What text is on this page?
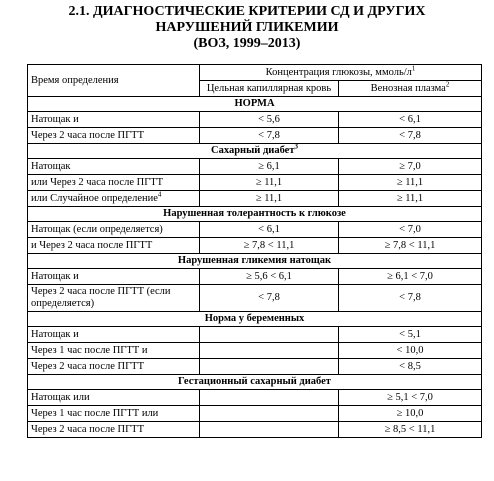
2.1. ДИАГНОСТИЧЕСКИЕ КРИТЕРИИ СД И ДРУГИХ
НАРУШЕНИЙ ГЛИКЕМИИ
(ВОЗ, 1999–2013)
Время определения	Концентрация глюкозы, ммоль/$л^1$
	Цельная капиллярная кровь	Венозная плазма$^2$
НОРМА		
Натощак и	< 5,6	< 6,1
Через 2 часа после ПГТТ	< 7,8	< 7,8
Сахарный диабет$^3$
Натощак	≥ 6,1	≥ 7,0
или Через 2 часа после ПГТТ	≥ 11,1	≥ 11,1
или Случайное определение$^4$	≥ 11,1	≥ 11,1
Нарушенная толерантность к глюкозе		
Натощак (если определяется)	< 6,1	< 7,0
и Через 2 часа после ПГТТ	≥ 7,8 < 11,1	≥ 7,8 < 11,1
Нарушенная гликемия натощак		
Натощак и	≥ 5,6 < 6,1	≥ 6,1 < 7,0
Через 2 часа после ПГТТ (если определяется)	< 7,8	< 7,8
Норма у беременных		
Натощак и		< 5,1
Через 1 час после ПГТТ и		< 10,0
Через 2 часа после ПГТТ		< 8,5
Гестационный сахарный диабет		
Натощак или		≥ 5,1 < 7,0
Через 1 час после ПГТТ или		≥ 10,0
Через 2 часа после ПГТТ		≥ 8,5 < 11,1
